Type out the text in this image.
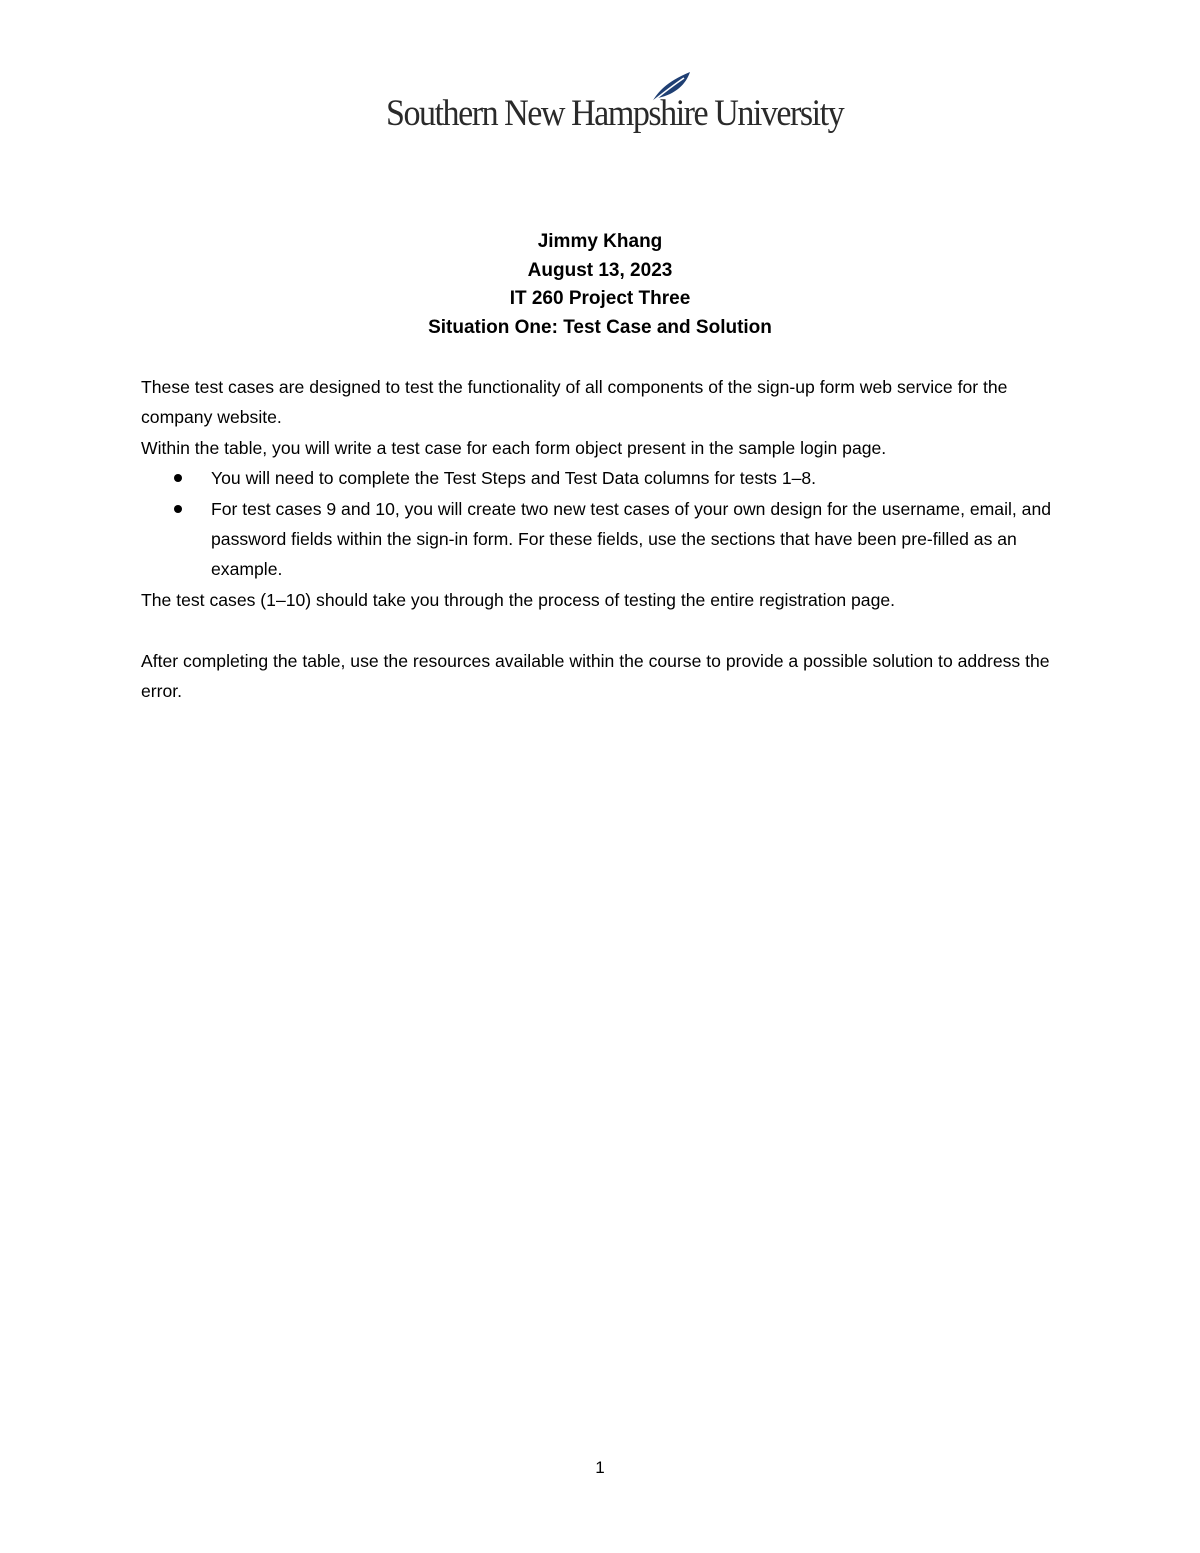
Southern New Hampshire University
Jimmy Khang
August 13, 2023
IT 260 Project Three
Situation One: Test Case and Solution

These test cases are designed to test the functionality of all components of the sign-up form web service for the company website.

Within the table, you will write a test case for each form object present in the sample login page.

You will need to complete the Test Steps and Test Data columns for tests 1–8.
For test cases 9 and 10, you will create two new test cases of your own design for the username, email, and password fields within the sign-in form. For these fields, use the sections that have been pre-filled as an example.

The test cases (1–10) should take you through the process of testing the entire registration page.

After completing the table, use the resources available within the course to provide a possible solution to address the error.

1
